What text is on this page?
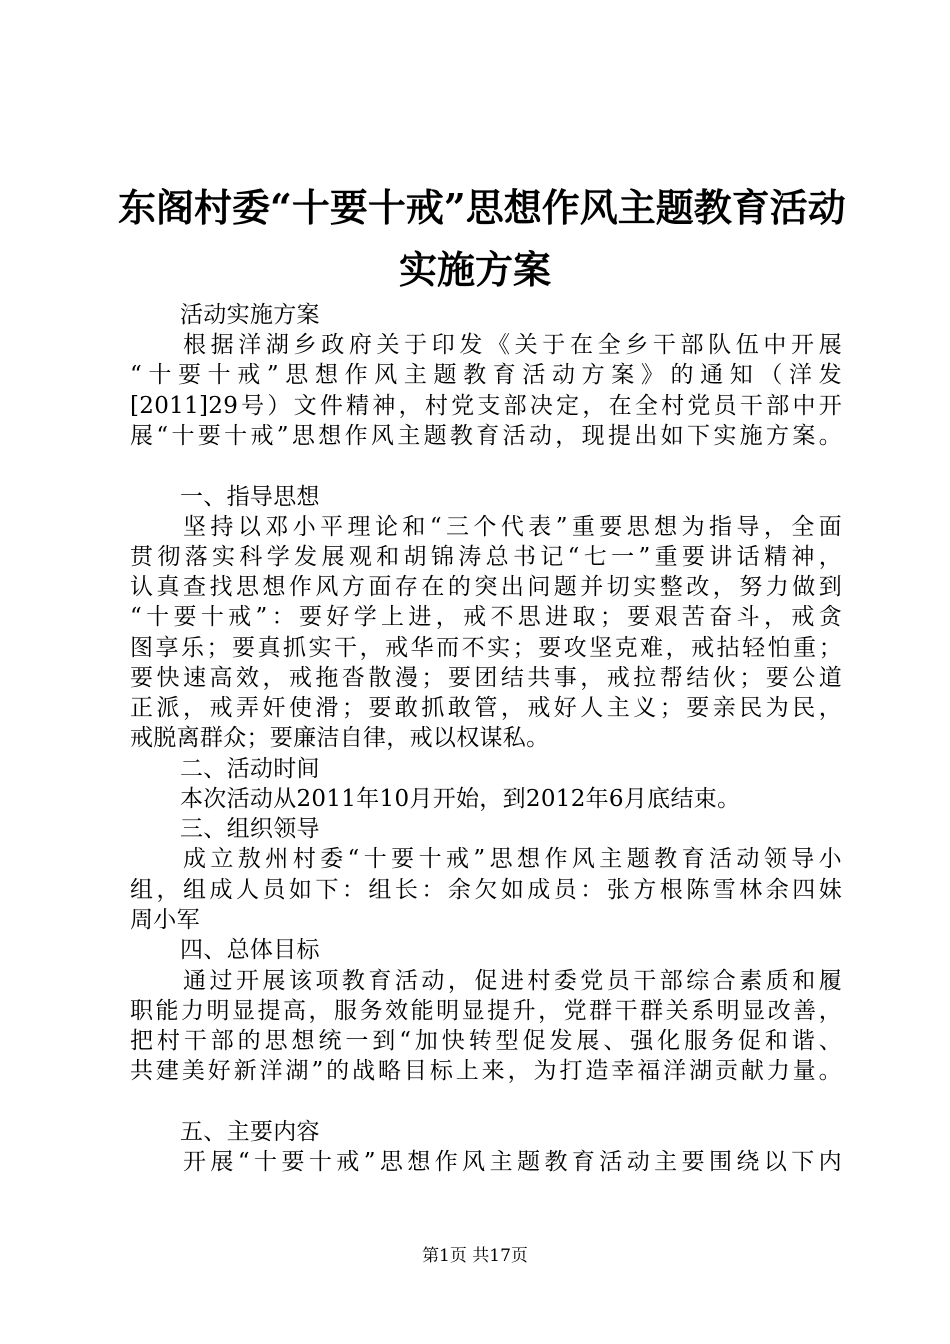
东阁村委“十要十戒”思想作风主题教育活动
实施方案
活动实施方案
根据洋湖乡政府关于印发《关于在全乡干部队伍中开展
“十要十戒”思想作风主题教育活动方案》的通知（洋发
[2011]29号）文件精神，村党支部决定，在全村党员干部中开
展“十要十戒”思想作风主题教育活动，现提出如下实施方案。
一、指导思想
坚持以邓小平理论和“三个代表”重要思想为指导，全面
贯彻落实科学发展观和胡锦涛总书记“七一”重要讲话精神，
认真查找思想作风方面存在的突出问题并切实整改，努力做到
“十要十戒”：要好学上进，戒不思进取；要艰苦奋斗，戒贪
图享乐；要真抓实干，戒华而不实；要攻坚克难，戒拈轻怕重；
要快速高效，戒拖沓散漫；要团结共事，戒拉帮结伙；要公道
正派，戒弄奸使滑；要敢抓敢管，戒好人主义；要亲民为民，
戒脱离群众；要廉洁自律，戒以权谋私。
二、活动时间
本次活动从2011年10月开始，到2012年6月底结束。
三、组织领导
成立敖州村委“十要十戒”思想作风主题教育活动领导小
组，组成人员如下：组长：余欠如成员：张方根陈雪林余四妹
周小军
四、总体目标
通过开展该项教育活动，促进村委党员干部综合素质和履
职能力明显提高，服务效能明显提升，党群干群关系明显改善，
把村干部的思想统一到“加快转型促发展、强化服务促和谐、
共建美好新洋湖”的战略目标上来，为打造幸福洋湖贡献力量。
五、主要内容
开展“十要十戒”思想作风主题教育活动主要围绕以下内
第1页 共17页
